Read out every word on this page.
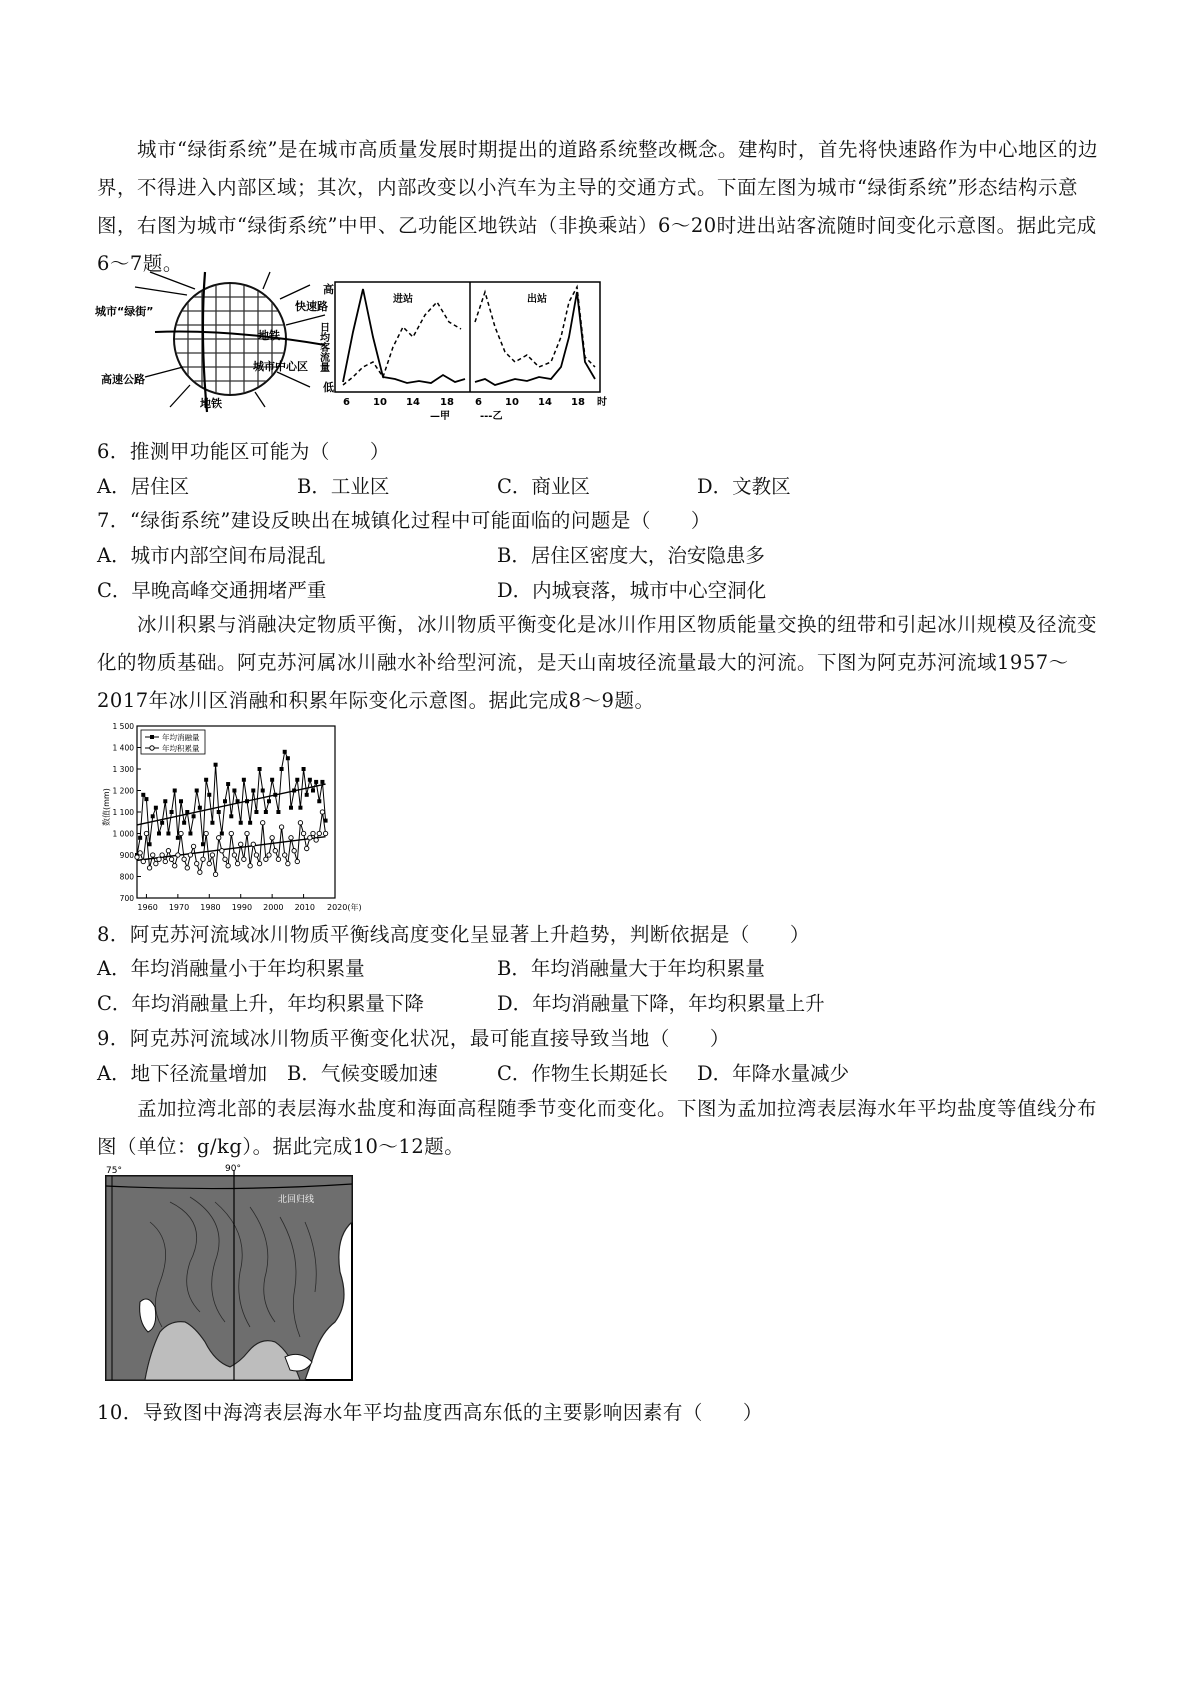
城市“绿街系统”是在城市高质量发展时期提出的道路系统整改概念。建构时，首先将快速路作为中心地区的边界，不得进入内部区域；其次，内部改变以小汽车为主导的交通方式。下面左图为城市“绿街系统”形态结构示意图，右图为城市“绿街系统”中甲、乙功能区地铁站（非换乘站）6～20时进出站客流随时间变化示意图。据此完成6～7题。
城市“绿街”	快速路
地铁
城市中心区
高速公路
地铁
高
低
日均客流量
进站	出站
6 10 14 18 6 10 14 18 时
—甲	---乙
6．推测甲功能区可能为（　　）
A．居住区	B．工业区	C．商业区	D．文教区
7．“绿街系统”建设反映出在城镇化过程中可能面临的问题是（　　）
A．城市内部空间布局混乱	B．居住区密度大，治安隐患多
C．早晚高峰交通拥堵严重	D．内城衰落，城市中心空洞化
冰川积累与消融决定物质平衡，冰川物质平衡变化是冰川作用区物质能量交换的纽带和引起冰川规模及径流变化的物质基础。阿克苏河属冰川融水补给型河流，是天山南坡径流量最大的河流。下图为阿克苏河流域1957～2017年冰川区消融和积累年际变化示意图。据此完成8～9题。
1 500
1 400
1 300
1 200
1 100
1 000
900
800
700
1960 1970 1980 1990 2000 2010 2020(年)
年均消融量
年均积累量
数值(mm)
8．阿克苏河流域冰川物质平衡线高度变化呈显著上升趋势，判断依据是（　　）
A．年均消融量小于年均积累量	B．年均消融量大于年均积累量
C．年均消融量上升，年均积累量下降	D．年均消融量下降，年均积累量上升
9．阿克苏河流域冰川物质平衡变化状况，最可能直接导致当地（　　）
A．地下径流量增加 B．气候变暖加速	C．作物生长期延长 D．年降水量减少
孟加拉湾北部的表层海水盐度和海面高程随季节变化而变化。下图为孟加拉湾表层海水年平均盐度等值线分布图（单位：g/kg）。据此完成10～12题。
75°	90°
北回归线
10．导致图中海湾表层海水年平均盐度西高东低的主要影响因素有（　　）
